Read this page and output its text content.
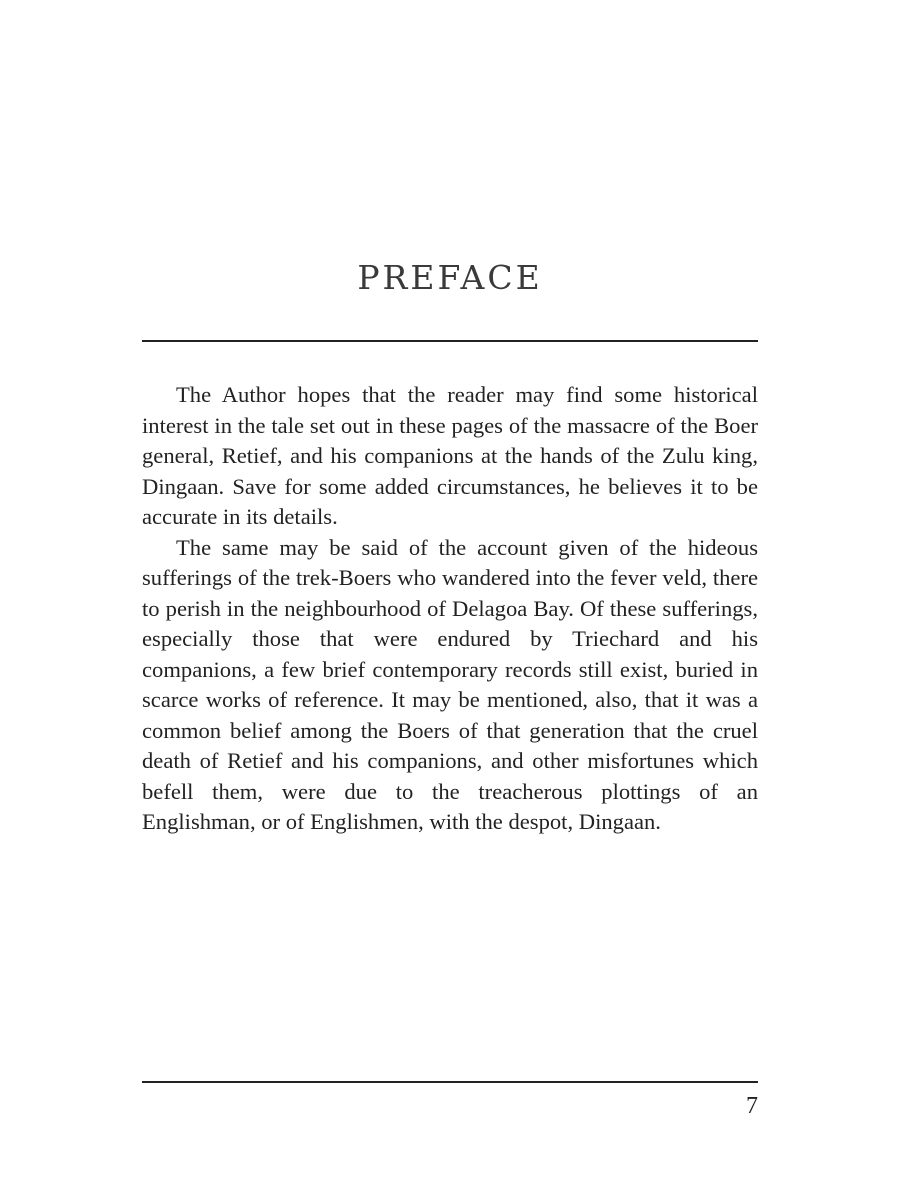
PREFACE

The Author hopes that the reader may find some historical interest in the tale set out in these pages of the massacre of the Boer general, Retief, and his companions at the hands of the Zulu king, Dingaan. Save for some added circumstances, he believes it to be accurate in its details.

The same may be said of the account given of the hideous sufferings of the trek-Boers who wandered into the fever veld, there to perish in the neighbourhood of Delagoa Bay. Of these sufferings, especially those that were endured by Triechard and his companions, a few brief contemporary records still exist, buried in scarce works of reference. It may be mentioned, also, that it was a common belief among the Boers of that generation that the cruel death of Retief and his companions, and other misfortunes which befell them, were due to the treacherous plottings of an Englishman, or of Englishmen, with the despot, Dingaan.

7
